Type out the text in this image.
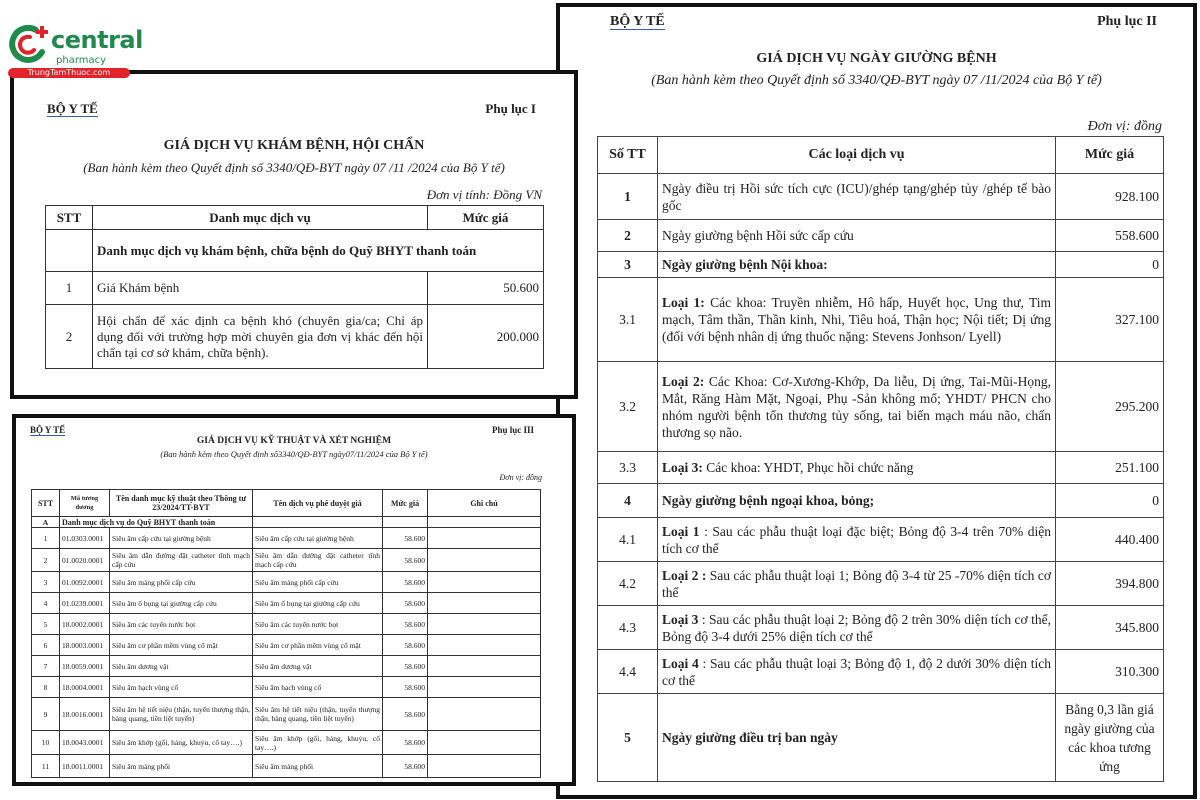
BỘ Y TẾ	Phụ lục II
GIÁ DỊCH VỤ NGÀY GIƯỜNG BỆNH
(Ban hành kèm theo Quyết định số 3340/QĐ-BYT ngày 07 /11/2024 của Bộ Y tế)
Đơn vị: đồng
Số TT	Các loại dịch vụ	Mức giá
1	Ngày điều trị Hồi sức tích cực (ICU)/ghép tạng/ghép tủy /ghép tế bào gốc	928.100
2	Ngày giường bệnh Hồi sức cấp cứu	558.600
3	Ngày giường bệnh Nội khoa:	0
3.1	Loại 1: Các khoa: Truyền nhiễm, Hô hấp, Huyết học, Ung thư, Tim mạch, Tâm thần, Thần kinh, Nhi, Tiêu hoá, Thận học; Nội tiết; Dị ứng (đối với bệnh nhân dị ứng thuốc nặng: Stevens Jonhson/ Lyell)	327.100
3.2	Loại 2: Các Khoa: Cơ-Xương-Khớp, Da liễu, Dị ứng, Tai-Mũi-Họng, Mắt, Răng Hàm Mặt, Ngoại, Phụ -Sản không mổ; YHDT/ PHCN cho nhóm người bệnh tổn thương tủy sống, tai biến mạch máu não, chấn thương sọ não.	295.200
3.3	Loại 3: Các khoa: YHDT, Phục hồi chức năng	251.100
4	Ngày giường bệnh ngoại khoa, bỏng;	0
4.1	Loại 1 : Sau các phẫu thuật loại đặc biệt; Bỏng độ 3-4 trên 70% diện tích cơ thể	440.400
4.2	Loại 2 : Sau các phẫu thuật loại 1; Bỏng độ 3-4 từ 25 -70% diện tích cơ thể	394.800
4.3	Loại 3 : Sau các phẫu thuật loại 2; Bỏng độ 2 trên 30% diện tích cơ thể, Bỏng độ 3-4 dưới 25% diện tích cơ thể	345.800
4.4	Loại 4 : Sau các phẫu thuật loại 3; Bỏng độ 1, độ 2 dưới 30% diện tích cơ thể	310.300
5	Ngày giường điều trị ban ngày	Bằng 0,3 lần giá ngày giường của các khoa tương ứng
BỘ Y TẾ	Phụ lục I
GIÁ DỊCH VỤ KHÁM BỆNH, HỘI CHẨN
(Ban hành kèm theo Quyết định số 3340/QĐ-BYT ngày 07 /11 /2024 của Bộ Y tế)
Đơn vị tính: Đồng VN
STT	Danh mục dịch vụ	Mức giá
	Danh mục dịch vụ khám bệnh, chữa bệnh do Quỹ BHYT thanh toán	
1	Giá Khám bệnh	50.600
2	Hội chẩn để xác định ca bệnh khó (chuyên gia/ca; Chỉ áp dụng đối với trường hợp mời chuyên gia đơn vị khác đến hội chẩn tại cơ sở khám, chữa bệnh).	200.000
BỘ Y TẾ	Phụ lục III
GIÁ DỊCH VỤ KỸ THUẬT VÀ XÉT NGHIỆM
(Ban hành kèm theo Quyết định số3340/QĐ-BYT ngày07/11/2024 của Bộ Y tế)
Đơn vị: đồng
STT	Mã tương đương	Tên danh mục kỹ thuật theo Thông tư 23/2024/TT-BYT	Tên dịch vụ phê duyệt giá	Mức giá	Ghi chú
A	Danh mục dịch vụ do Quỹ BHYT thanh toán				
1	01.0303.0001	Siêu âm cấp cứu tại giường bệnh	Siêu âm cấp cứu tại giường bệnh	58.600	
2	01.0020.0001	Siêu âm dẫn đường đặt catheter tĩnh mạch cấp cứu	Siêu âm dẫn đường đặt catheter tĩnh mạch cấp cứu	58.600	
3	01.0092.0001	Siêu âm màng phổi cấp cứu	Siêu âm màng phổi cấp cứu	58.600	
4	01.0239.0001	Siêu âm ổ bụng tại giường cấp cứu	Siêu âm ổ bụng tại giường cấp cứu	58.600	
5	18.0002.0001	Siêu âm các tuyến nước bọt	Siêu âm các tuyến nước bọt	58.600	
6	18.0003.0001	Siêu âm cơ phần mềm vùng cổ mặt	Siêu âm cơ phần mềm vùng cổ mặt	58.600	
7	18.0059.0001	Siêu âm dương vật	Siêu âm dương vật	58.600	
8	18.0004.0001	Siêu âm hạch vùng cổ	Siêu âm hạch vùng cổ	58.600	
9	18.0016.0001	Siêu âm hệ tiết niệu (thận, tuyến thượng thận, bàng quang, tiền liệt tuyến)	Siêu âm hệ tiết niệu (thận, tuyến thượng thận, bàng quang, tiền liệt tuyến)	58.600	
10	18.0043.0001	Siêu âm khớp (gối, háng, khuỷu, cổ tay….)	Siêu âm khớp (gối, háng, khuỷu, cổ tay….)	58.600	
11	18.0011.0001	Siêu âm màng phổi	Siêu âm màng phổi	58.600	
central
pharmacy
TrungTamThuoc.com
